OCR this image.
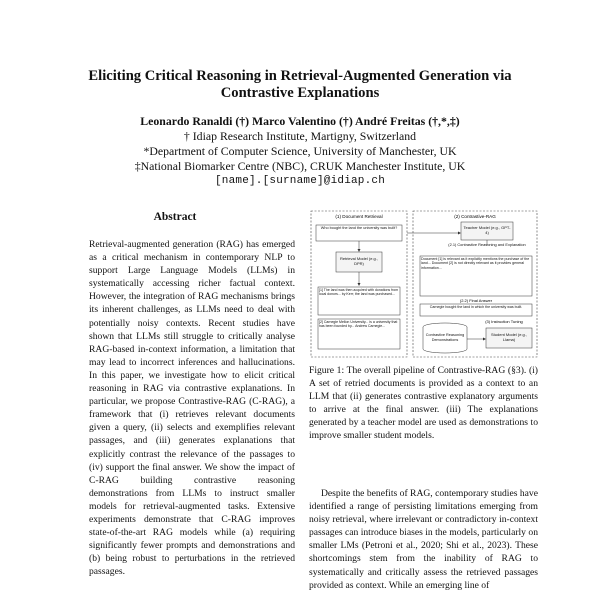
Eliciting Critical Reasoning in Retrieval-Augmented Generation via Contrastive Explanations
Leonardo Ranaldi (†) Marco Valentino (†) André Freitas (†,*,‡)
† Idiap Research Institute, Martigny, Switzerland
*Department of Computer Science, University of Manchester, UK
‡National Biomarker Centre (NBC), CRUK Manchester Institute, UK
[name].[surname]@idiap.ch
Abstract
Retrieval-augmented generation (RAG) has emerged as a critical mechanism in contemporary NLP to support Large Language Models (LLMs) in systematically accessing richer factual context. However, the integration of RAG mechanisms brings its inherent challenges, as LLMs need to deal with potentially noisy contexts. Recent studies have shown that LLMs still struggle to critically analyse RAG-based in-context information, a limitation that may lead to incorrect inferences and hallucinations. In this paper, we investigate how to elicit critical reasoning in RAG via contrastive explanations. In particular, we propose Contrastive-RAG (C-RAG), a framework that (i) retrieves relevant documents given a query, (ii) selects and exemplifies relevant passages, and (iii) generates explanations that explicitly contrast the relevance of the passages to (iv) support the final answer. We show the impact of C-RAG building contrastive reasoning demonstrations from LLMs to instruct smaller models for retrieval-augmented tasks. Extensive experiments demonstrate that C-RAG improves state-of-the-art RAG models while (a) requiring significantly fewer prompts and demonstrations and (b) being robust to perturbations in the retrieved passages.
(1) Document Retrieval
Who bought the land the university was built?
Retrieval Model (e.g., DPR)
[1] The land was then acquired with donations from local donors... by Kerr; the land was purchased...
[2] Carnegie Mellon University... is a university that has been founded by... Andrew Carnegie...
(2) Contrastive-RAG
Teacher Model (e.g., GPT-4)
(2.1) Contrastive Reasoning and Explanation
Document [1] is relevant as it explicitly mentions the purchase of the land... Document [2] is not directly relevant as it provides general information...
(2.2) Final Answer
Carnegie bought the land in which the university was built.
(3) Instruction Tuning
Contrastive Reasoning Demonstrations
Student Model (e.g., Llama)
Figure 1: The overall pipeline of Contrastive-RAG (§3). (i) A set of retried documents is provided as a context to an LLM that (ii) generates contrastive explanatory arguments to arrive at the final answer. (iii) The explanations generated by a teacher model are used as demonstrations to improve smaller student models.

Despite the benefits of RAG, contemporary studies have identified a range of persisting limitations emerging from noisy retrieval, where irrelevant or contradictory in-context passages can introduce biases in the models, particularly on smaller LMs (Petroni et al., 2020; Shi et al., 2023). These shortcomings stem from the inability of RAG to systematically and critically assess the retrieved passages provided as context. While an emerging line of
